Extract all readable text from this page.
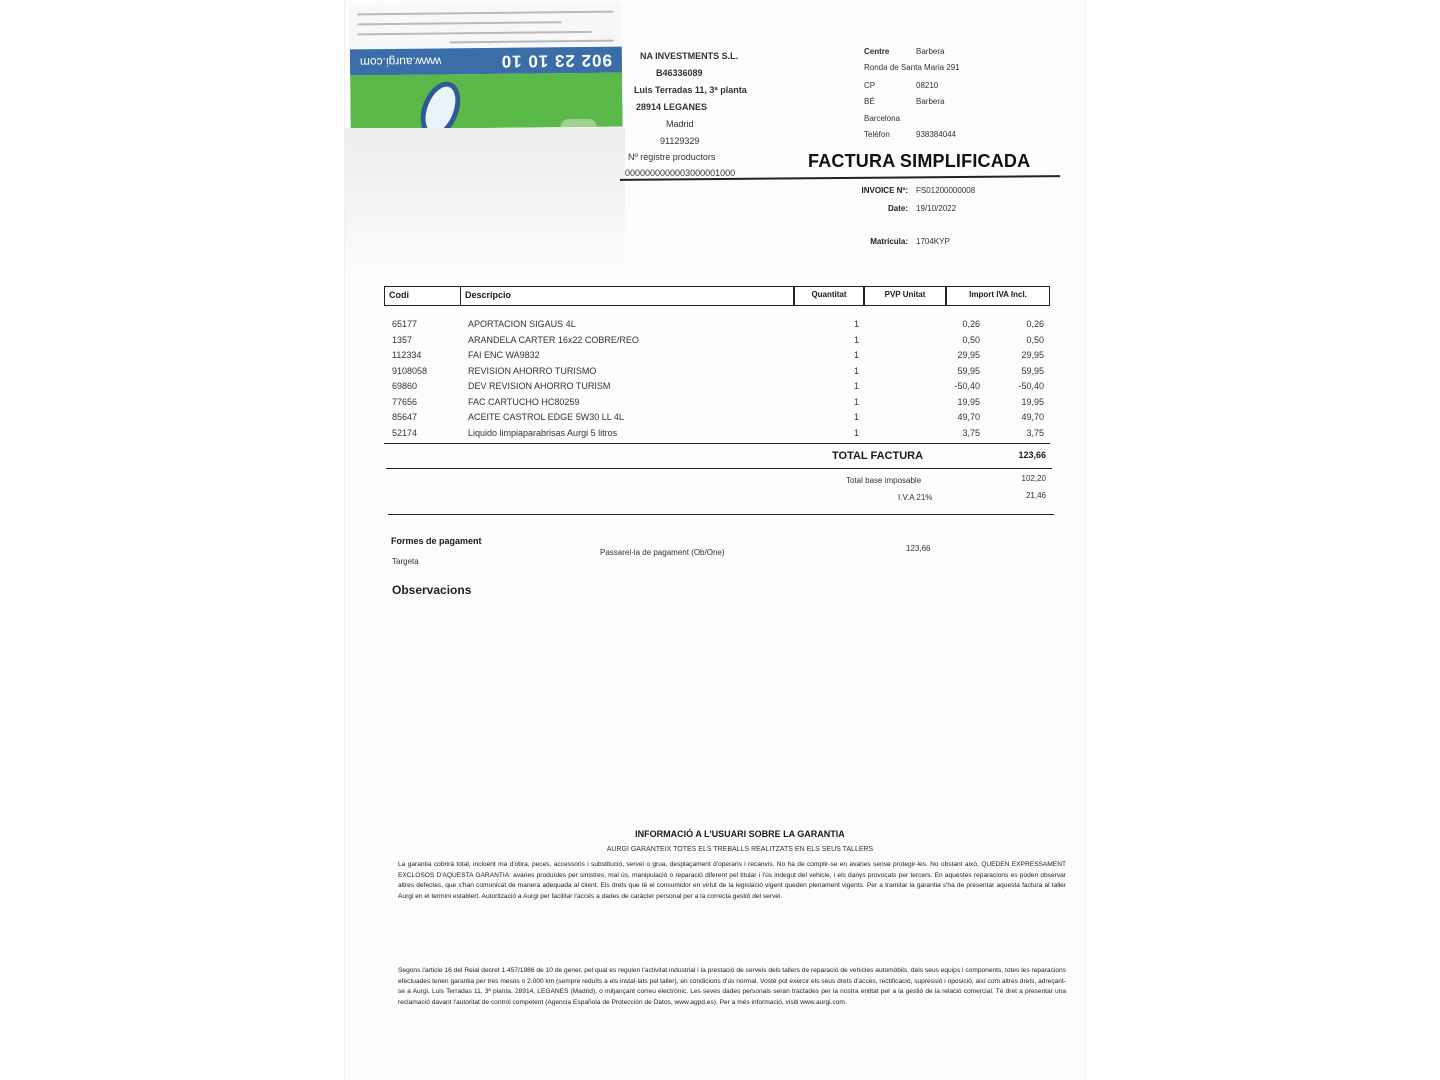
902 23 10 10
www.aurgi.com	NA INVESTMENTS S.L.
B46336089
Luis Terradas 11, 3ª planta
28914 LEGANES
Madrid
91129329
Nº registre productors
0000000000003000001000
Centre	Barbera
Ronda de Santa Maria 291
CP	08210
BÉ	Barbera
Barcelona
Telèfon	938384044
FACTURA SIMPLIFICADA
INVOICE Nº: FS01200000008
Date: 19/10/2022
Matrícula: 1704KYP
Codi	Descripcio	Quantitat	PVP Unitat	Import IVA Incl.
65177	APORTACION SIGAUS 4L	1	0,26	0,26
1357	ARANDELA CARTER 16x22 COBRE/REO	1	0,50	0,50
112334	FAI ENC WA9832	1	29,95	29,95
9108058	REVISION AHORRO TURISMO	1	59,95	59,95
69860	DEV REVISION AHORRO TURISM	1	-50,40	-50,40
77656	FAC CARTUCHO HC80259	1	19,95	19,95
85647	ACEITE CASTROL EDGE 5W30 LL 4L	1	49,70	49,70
52174	Liquido limpiaparabrisas Aurgi 5 litros	1	3,75	3,75
TOTAL FACTURA	123,66
Total base imposable	102,20
I.V.A 21%	21,46
Formes de pagament
Targeta
Passarel·la de pagament (Ob/One)	123,66
Observacions
INFORMACIÓ A L'USUARI SOBRE LA GARANTIA
AURGI GARANTEIX TOTES ELS TREBALLS REALITZATS EN ELS SEUS TALLERS
La garantia cobrirà total, incloent ma d'obra, peces, accessoris i substitució, servei o grua, desplaçament d'operaris i recanvis. No ha de complir-se en avaries sense protegir-les. No obstant això, QUEDEN EXPRESSAMENT EXCLOSOS D'AQUESTA GARANTIA: avaries produïdes per sinistres, mal ús, manipulació o reparació diferent pel titular i l'ús indegut del vehicle, i els danys provocats per tercers. En aquestes reparacions es poden observar altres defectes, que s'han comunicat de manera adequada al client. Els drets que té el consumidor en virtut de la legislació vigent queden plenament vigents. Per a tramitar la garantia s'ha de presentar aquesta factura al taller Aurgi en el termini establert. Autorització a Aurgi per facilitar l'accés a dades de caràcter personal per a la correcta gestió del servei.
Segons l'article 16 del Reial decret 1.457/1986 de 10 de gener, pel qual es regulen l'activitat industrial i la prestació de serveis dels tallers de reparació de vehicles automòbils, dels seus equips i components, totes les reparacions efectuades tenen garantia per tres mesos o 2.000 km (sempre reduïts a els instal·lats pel taller), en condicions d'ús normal. Vostè pot exercir els seus drets d'accés, rectificació, supressió i oposició, així com altres drets, adreçant-se a Aurgi, Luis Terradas 11, 3ª planta, 28914, LEGANES (Madrid), o mitjançant correu electrònic. Les seves dades personals seran tractades per la nostra entitat per a la gestió de la relació comercial. Té dret a presentar una reclamació davant l'autoritat de control competent (Agencia Española de Protección de Datos, www.agpd.es). Per a més informació, visiti www.aurgi.com.
